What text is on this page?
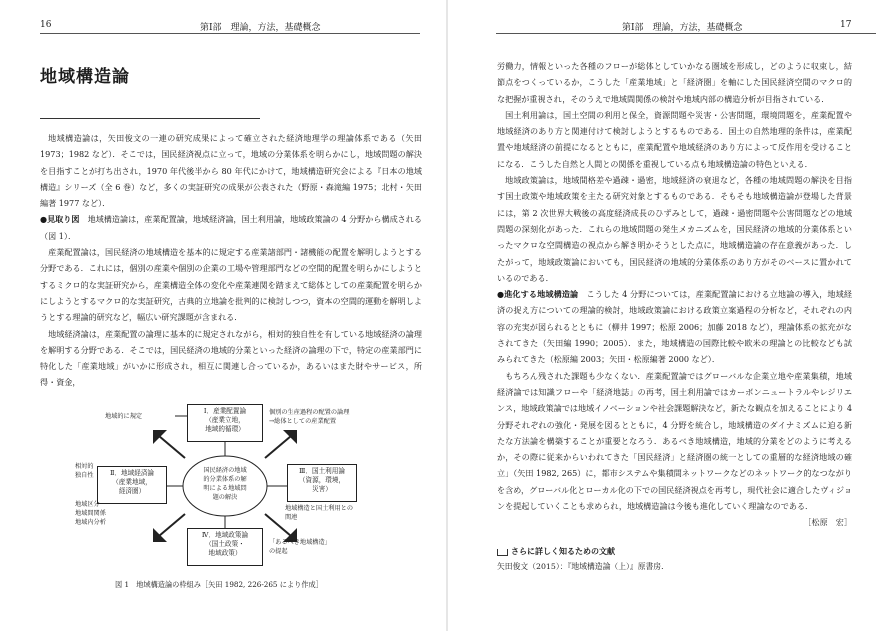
16	第Ⅰ部　理論，方法，基礎概念
地域構造論

地域構造論は，矢田俊文の一連の研究成果によって確立された経済地理学の理論体系である（矢田 1973；1982 など）．そこでは，国民経済視点に立って，地域の分業体系を明らかにし，地域問題の解決を目指すことが打ち出され，1970 年代後半から 80 年代にかけて，地域構造研究会による『日本の地域構造』シリーズ（全 6 巻）など，多くの実証研究の成果が公表された（野原・森滝編 1975；北村・矢田編著 1977 など）．

●見取り図　 地域構造論は，産業配置論，地域経済論，国土利用論，地域政策論の 4 分野から構成される（図 1）．

産業配置論は，国民経済の地域構造を基本的に規定する産業諸部門・諸機能の配置を解明しようとする分野である．これには，個別の産業や個別の企業の工場や管理部門などの空間的配置を明らかにしようとするミクロ的な実証研究から，産業構造全体の変化や産業連関を踏まえて総体としての産業配置を明らかにしようとするマクロ的な実証研究，古典的立地論を批判的に検討しつつ，資本の空間的運動を解明しようとする理論的研究など，幅広い研究課題が含まれる．

地域経済論は，産業配置の論理に基本的に規定されながら，相対的独自性を有している地域経済の論理を解明する分野である．そこでは，国民経済の地域的分業といった経済の論理の下で，特定の産業部門に特化した「産業地域」がいかに形成され，相互に関連し合っているか，あるいはまた財やサービス，所得・資金，

Ⅰ．産業配置論
（産業立地，
地域的循環）
Ⅱ．地域経済論
（産業地域，
経済圏）
Ⅲ．国土利用論
（資源，環境，
災害）
Ⅳ．地域政策論
（国土政策・
地域政策）
国民経済の地域
的分業体系の解
明による地域問
題の解決
地域的に規定
個別の生産過程の配置の論理
→総体としての産業配置
相対的
独自性
地域区分
地域間関係
地域内分析
地域構造と国土利用との
関連
「あるべき地域構造」
の提起
図 1　地域構造論の枠組み［矢田 1982, 226-265 により作成］
第Ⅰ部　理論，方法，基礎概念	17

労働力，情報といった各種のフローが総体としていかなる圏域を形成し，どのように収束し，結節点をつくっているか，こうした「産業地域」と「経済圏」を軸にした国民経済空間のマクロ的な把握が重視され，そのうえで地域間関係の検討や地域内部の構造分析が目指されている．

国土利用論は，国土空間の利用と保全，資源問題や災害・公害問題，環境問題を，産業配置や地域経済のあり方と関連付けて検討しようとするものである．国土の自然地理的条件は，産業配置や地域経済の前提になるとともに，産業配置や地域経済のあり方によって反作用を受けることになる．こうした自然と人間との関係を重視している点も地域構造論の特色といえる．

地域政策論は，地域間格差や過疎・過密，地域経済の衰退など，各種の地域問題の解決を目指す国土政策や地域政策を主たる研究対象とするものである．そもそも地域構造論が登場した背景には，第 2 次世界大戦後の高度経済成長のひずみとして，過疎・過密問題や公害問題などの地域問題の深刻化があった．これらの地域問題の発生メカニズムを，国民経済の地域的分業体系といったマクロな空間構造の視点から解き明かそうとした点に，地域構造論の存在意義があった．したがって，地域政策論においても，国民経済の地域的分業体系のあり方がそのベースに置かれているのである．

●進化する地域構造論　 こうした 4 分野については，産業配置論における立地論の導入，地域経済の捉え方についての理論的検討，地域政策論における政策立案過程の分析など，それぞれの内容の充実が図られるとともに（柳井 1997；松原 2006；加藤 2018 など），理論体系の拡充がなされてきた（矢田編 1990；2005）．また，地域構造の国際比較や欧米の理論との比較なども試みられてきた（松原編 2003；矢田・松原編著 2000 など）．

もちろん残された課題も少なくない．産業配置論ではグローバルな企業立地や産業集積，地域経済論では知識フローや「経済地誌」の再考，国土利用論ではカーボンニュートラルやレジリエンス，地域政策論では地域イノベーションや社会課題解決など，新たな観点を加えることにより 4 分野それぞれの強化・発展を図るとともに，4 分野を統合し，地域構造のダイナミズムに迫る新たな方法論を構築することが重要となろう．あるべき地域構造，地域的分業をどのように考えるか，その際に従来からいわれてきた「国民経済」と経済圏の統一としての重層的な経済地域の確立」（矢田 1982, 265）に，都市システムや集積間ネットワークなどのネットワーク的なつながりを含め，グローバル化とローカル化の下での国民経済視点を再考し，現代社会に適合したヴィジョンを提起していくことも求められ，地域構造論は今後も進化していく理論なのである．

［松原　宏］

さらに詳しく知るための文献
矢田俊文（2015）：『地域構造論（上）』原書房．
